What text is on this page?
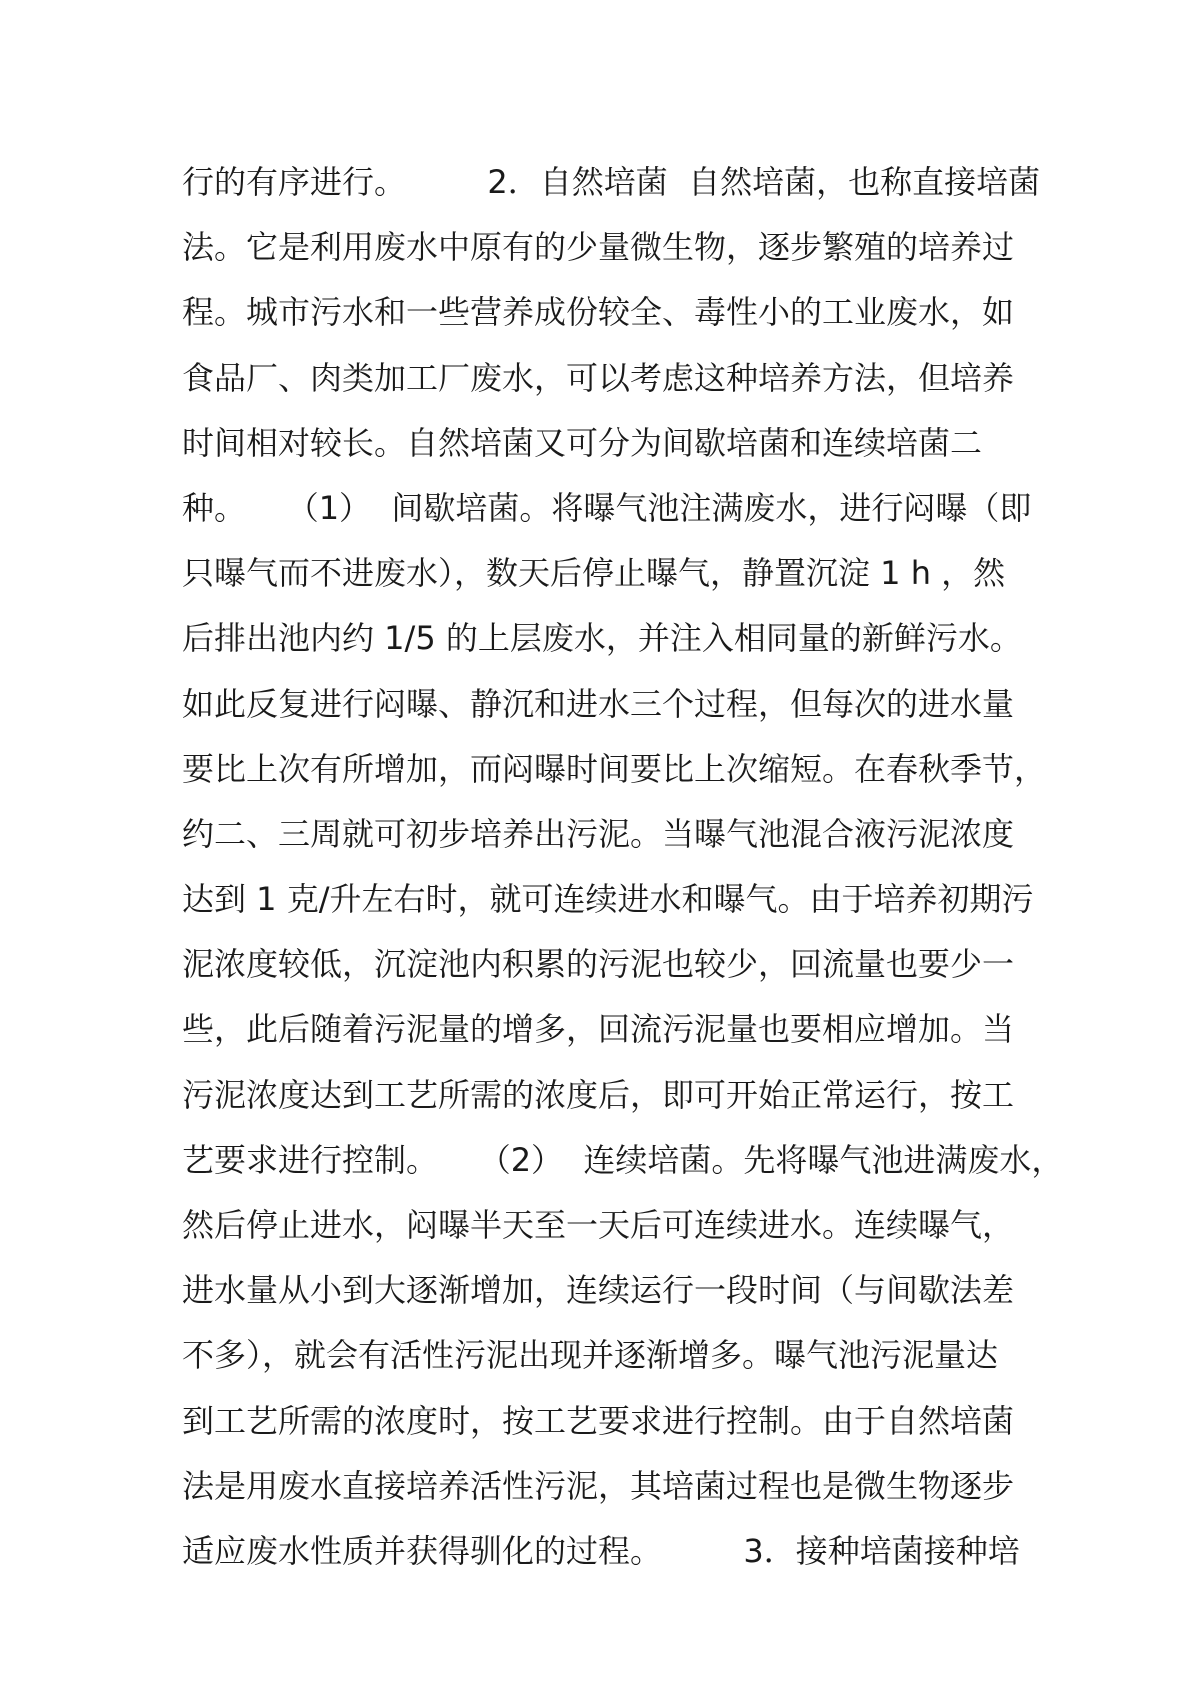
行的有序进行。        2．自然培菌  自然培菌，也称直接培菌
法。它是利用废水中原有的少量微生物，逐步繁殖的培养过
程。城市污水和一些营养成份较全、毒性小的工业废水，如
食品厂、肉类加工厂废水，可以考虑这种培养方法，但培养
时间相对较长。自然培菌又可分为间歇培菌和连续培菌二
种。    （1）  间歇培菌。将曝气池注满废水，进行闷曝（即
只曝气而不进废水），数天后停止曝气，静置沉淀 1 h ，然
后排出池内约 1/5 的上层废水，并注入相同量的新鲜污水。
如此反复进行闷曝、静沉和进水三个过程，但每次的进水量
要比上次有所增加，而闷曝时间要比上次缩短。在春秋季节，
约二、三周就可初步培养出污泥。当曝气池混合液污泥浓度
达到 1 克/升左右时，就可连续进水和曝气。由于培养初期污
泥浓度较低，沉淀池内积累的污泥也较少，回流量也要少一
些，此后随着污泥量的增多，回流污泥量也要相应增加。当
污泥浓度达到工艺所需的浓度后，即可开始正常运行，按工
艺要求进行控制。    （2）  连续培菌。先将曝气池进满废水，
然后停止进水，闷曝半天至一天后可连续进水。连续曝气，
进水量从小到大逐渐增加，连续运行一段时间（与间歇法差
不多），就会有活性污泥出现并逐渐增多。曝气池污泥量达
到工艺所需的浓度时，按工艺要求进行控制。由于自然培菌
法是用废水直接培养活性污泥，其培菌过程也是微生物逐步
适应废水性质并获得驯化的过程。        3．接种培菌接种培
